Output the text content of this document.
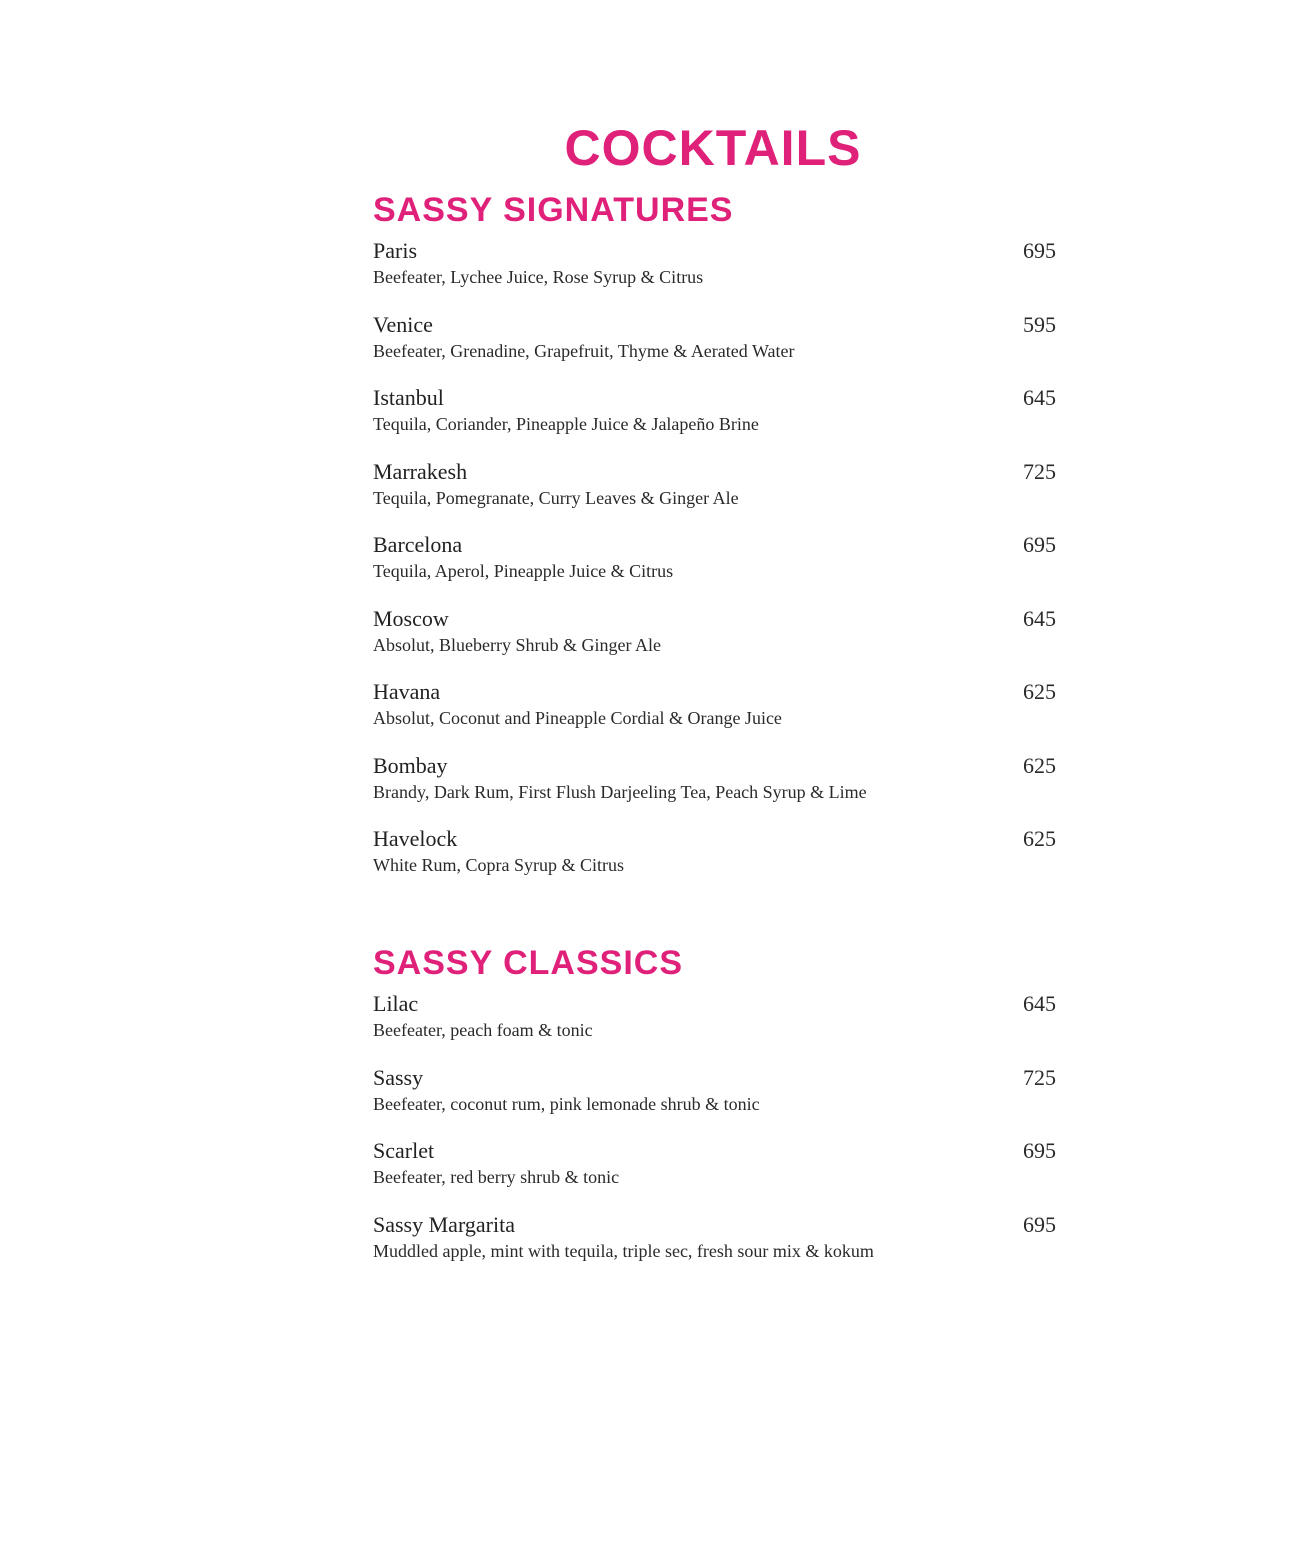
COCKTAILS
SASSY SIGNATURES
Paris
Beefeater, Lychee Juice, Rose Syrup & Citrus
695
Venice
Beefeater, Grenadine, Grapefruit, Thyme & Aerated Water
595
Istanbul
Tequila, Coriander, Pineapple Juice & Jalapeño Brine
645
Marrakesh
Tequila, Pomegranate, Curry Leaves & Ginger Ale
725
Barcelona
Tequila, Aperol, Pineapple Juice & Citrus
695
Moscow
Absolut, Blueberry Shrub & Ginger Ale
645
Havana
Absolut, Coconut and Pineapple Cordial & Orange Juice
625
Bombay
Brandy, Dark Rum, First Flush Darjeeling Tea, Peach Syrup & Lime
625
Havelock
White Rum, Copra Syrup & Citrus
625
SASSY CLASSICS
Lilac
Beefeater, peach foam & tonic
645
Sassy
Beefeater, coconut rum, pink lemonade shrub & tonic
725
Scarlet
Beefeater, red berry shrub & tonic
695
Sassy Margarita
Muddled apple, mint with tequila, triple sec, fresh sour mix & kokum
695
